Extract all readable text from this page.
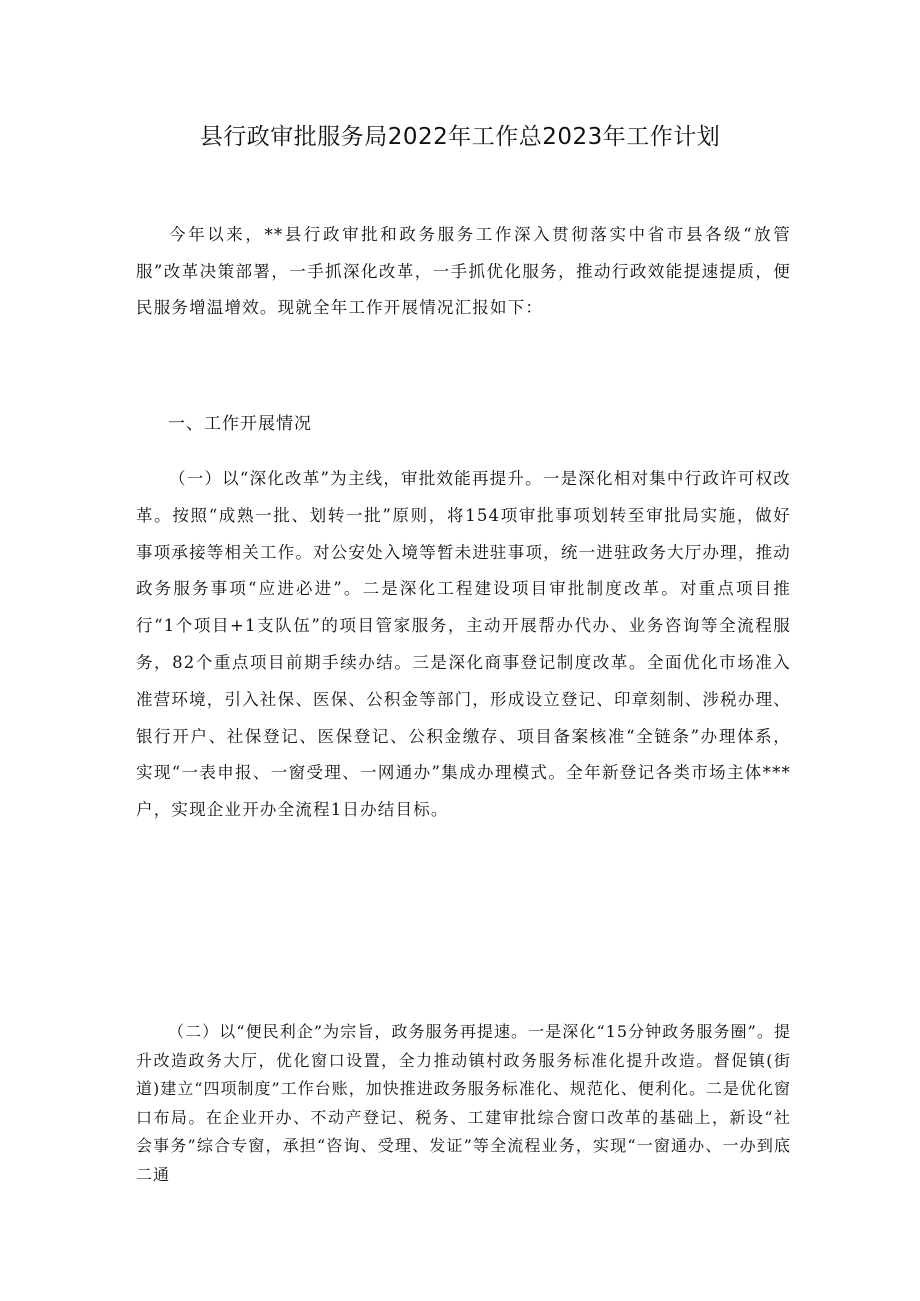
县行政审批服务局2022年工作总2023年工作计划

今年以来，**县行政审批和政务服务工作深入贯彻落实中省市县各级“放管服”改革决策部署，一手抓深化改革，一手抓优化服务，推动行政效能提速提质，便民服务增温增效。现就全年工作开展情况汇报如下：

一、工作开展情况

（一）以“深化改革”为主线，审批效能再提升。一是深化相对集中行政许可权改革。按照“成熟一批、划转一批”原则，将154项审批事项划转至审批局实施，做好事项承接等相关工作。对公安处入境等暂未进驻事项，统一进驻政务大厅办理，推动政务服务事项“应进必进”。二是深化工程建设项目审批制度改革。对重点项目推行“1个项目+1支队伍”的项目管家服务，主动开展帮办代办、业务咨询等全流程服务，82个重点项目前期手续办结。三是深化商事登记制度改革。全面优化市场准入准营环境，引入社保、医保、公积金等部门，形成设立登记、印章刻制、涉税办理、银行开户、社保登记、医保登记、公积金缴存、项目备案核准“全链条”办理体系，实现“一表申报、一窗受理、一网通办”集成办理模式。全年新登记各类市场主体***户，实现企业开办全流程1日办结目标。

（二）以“便民利企”为宗旨，政务服务再提速。一是深化“15分钟政务服务圈”。提升改造政务大厅，优化窗口设置，全力推动镇村政务服务标准化提升改造。督促镇(街道)建立“四项制度”工作台账，加快推进政务服务标准化、规范化、便利化。二是优化窗口布局。在企业开办、不动产登记、税务、工建审批综合窗口改革的基础上，新设“社会事务”综合专窗，承担“咨询、受理、发证”等全流程业务，实现“一窗通办、一办到底二通
